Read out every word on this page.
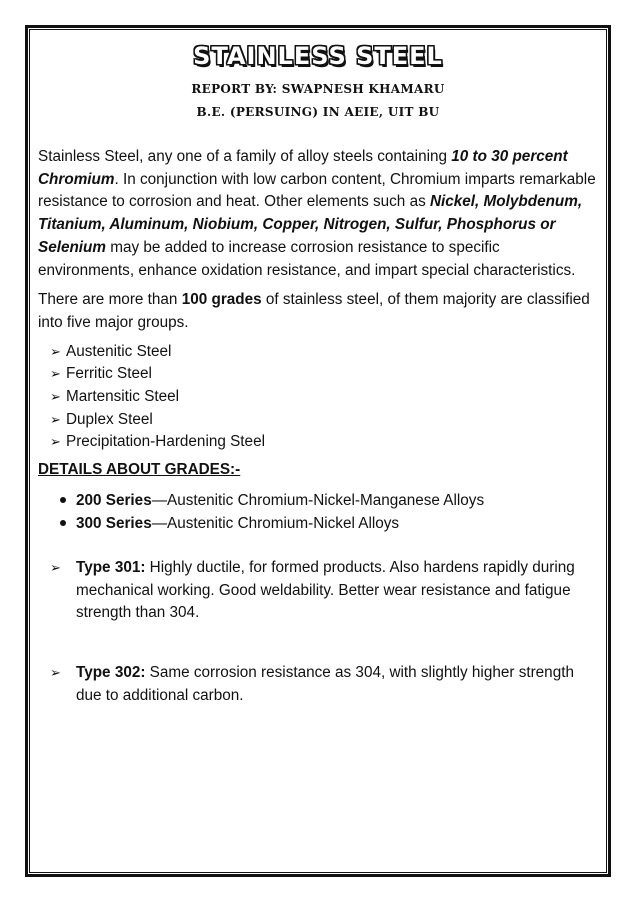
STAINLESS STEEL

REPORT BY: SWAPNESH KHAMARU

B.E. (PERSUING) IN AEIE, UIT BU

Stainless Steel, any one of a family of alloy steels containing 10 to 30 percent Chromium. In conjunction with low carbon content, Chromium imparts remarkable resistance to corrosion and heat. Other elements such as Nickel, Molybdenum, Titanium, Aluminum, Niobium, Copper, Nitrogen, Sulfur, Phosphorus or Selenium may be added to increase corrosion resistance to specific environments, enhance oxidation resistance, and impart special characteristics.

There are more than 100 grades of stainless steel, of them majority are classified into five major groups.

➢ Austenitic Steel
➢ Ferritic Steel
➢ Martensitic Steel
➢ Duplex Steel
➢ Precipitation-Hardening Steel
DETAILS ABOUT GRADES:-
200 Series—Austenitic Chromium-Nickel-Manganese Alloys
300 Series—Austenitic Chromium-Nickel Alloys
➢ Type 301: Highly ductile, for formed products. Also hardens rapidly during mechanical working. Good weldability. Better wear resistance and fatigue strength than 304.
➢ Type 302: Same corrosion resistance as 304, with slightly higher strength due to additional carbon.
